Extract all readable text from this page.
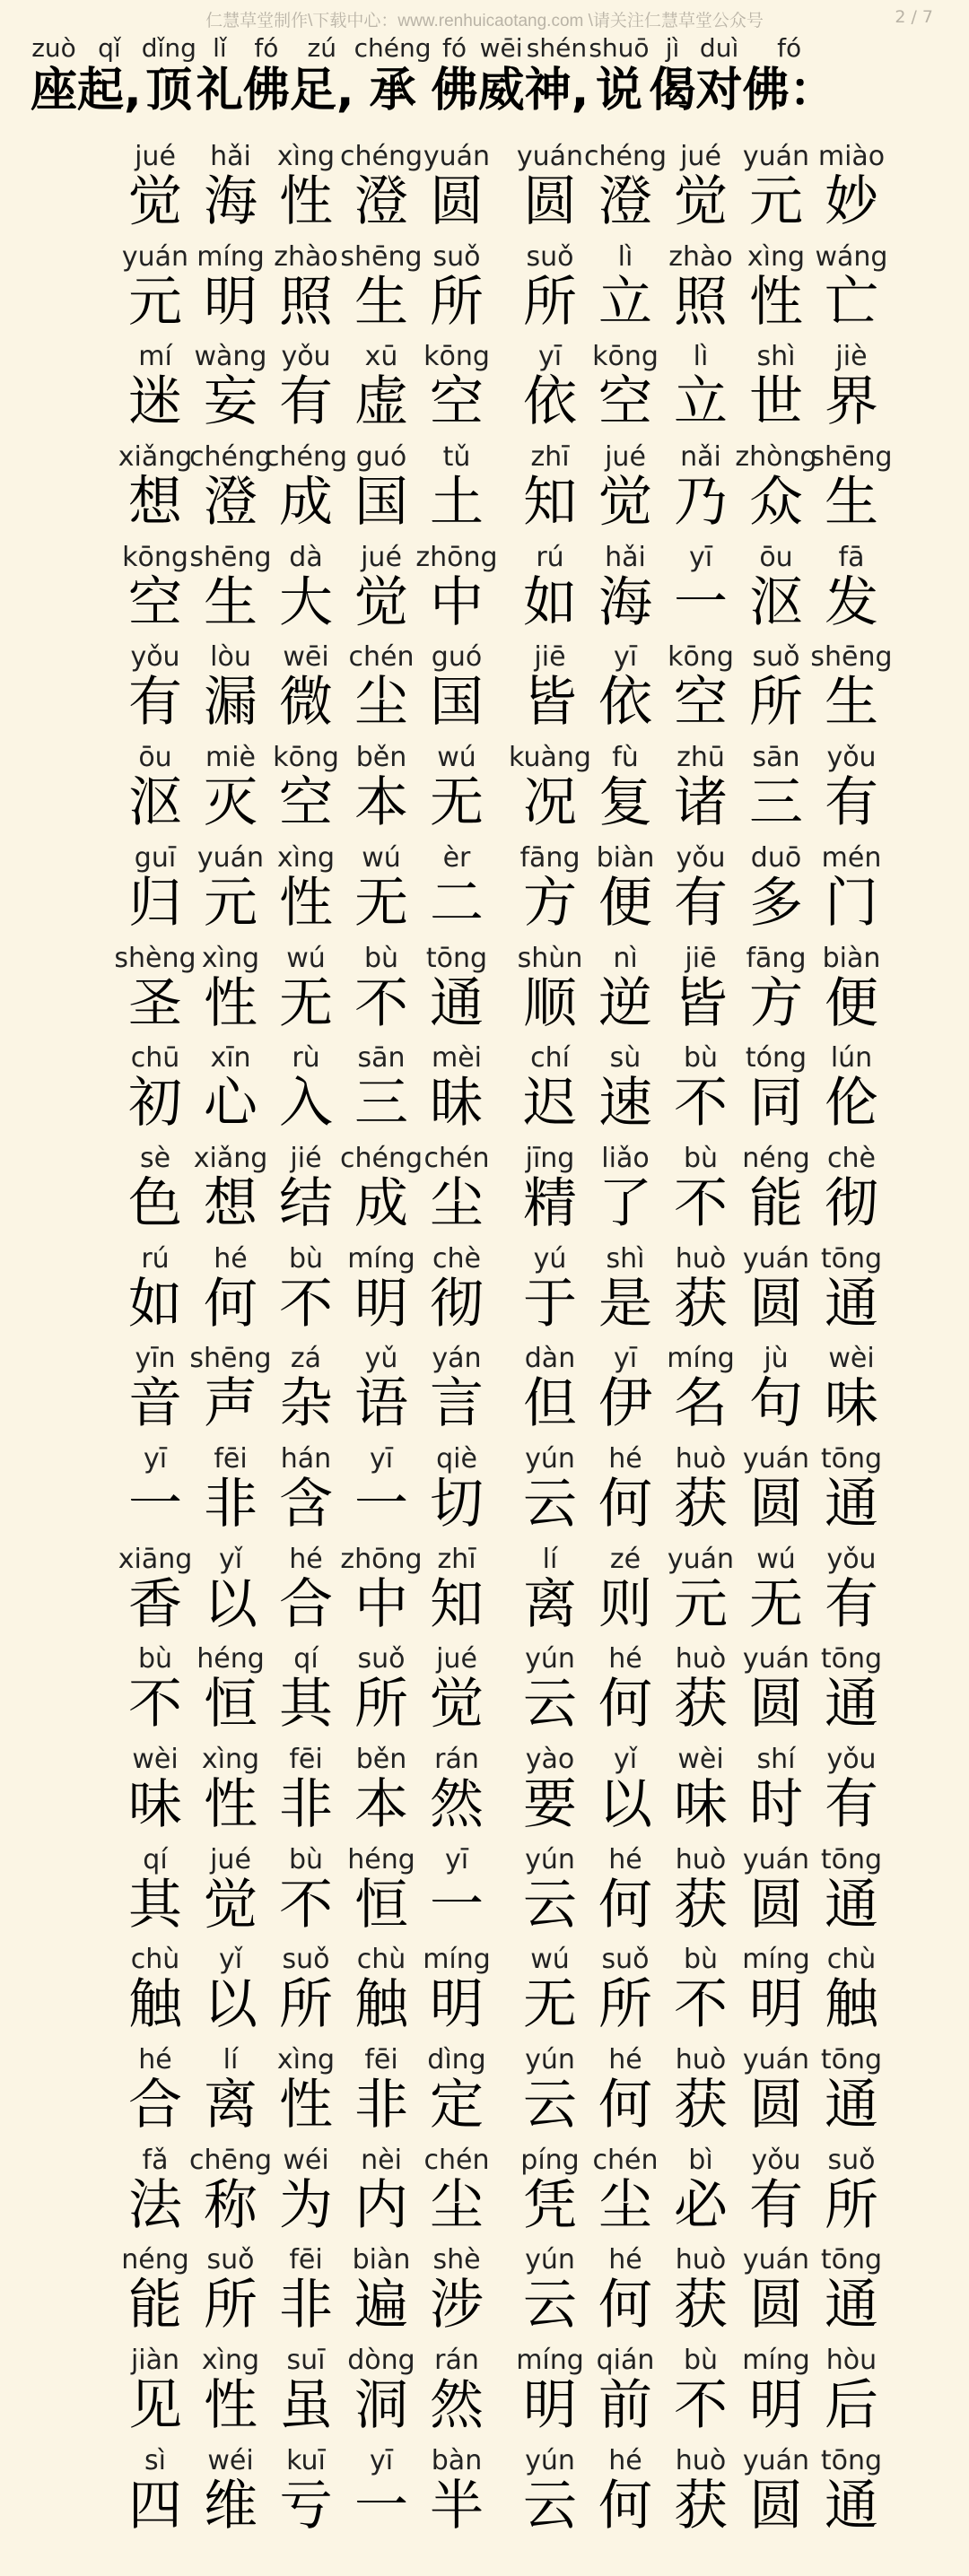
仁慧草堂制作\下载中心：www.renhuicaotang.com \请关注仁慧草堂公众号	2 / 7
zuò
座
qǐ
起,
dǐng
顶
lǐ
礼
fó
佛
zú
足,
chéng
承
fó
佛
wēi
威
shén
神,
shuō
说
jì
偈
duì
对
fó
佛：
jué
觉
hǎi
海
xìng
性
chéng
澄
yuán
圆
yuán
圆
chéng
澄
jué
觉
yuán
元
miào
妙
yuán
元
míng
明
zhào
照
shēng
生
suǒ
所
suǒ
所
lì
立
zhào
照
xìng
性
wáng
亡
mí
迷
wàng
妄
yǒu
有
xū
虚
kōng
空
yī
依
kōng
空
lì
立
shì
世
jiè
界
xiǎng
想
chéng
澄
chéng
成
guó
国
tǔ
土
zhī
知
jué
觉
nǎi
乃
zhòng
众
shēng
生
kōng
空
shēng
生
dà
大
jué
觉
zhōng
中
rú
如
hǎi
海
yī
一
ōu
沤
fā
发
yǒu
有
lòu
漏
wēi
微
chén
尘
guó
国
jiē
皆
yī
依
kōng
空
suǒ
所
shēng
生
ōu
沤
miè
灭
kōng
空
běn
本
wú
无
kuàng
况
fù
复
zhū
诸
sān
三
yǒu
有
guī
归
yuán
元
xìng
性
wú
无
èr
二
fāng
方
biàn
便
yǒu
有
duō
多
mén
门
shèng
圣
xìng
性
wú
无
bù
不
tōng
通
shùn
顺
nì
逆
jiē
皆
fāng
方
biàn
便
chū
初
xīn
心
rù
入
sān
三
mèi
昧
chí
迟
sù
速
bù
不
tóng
同
lún
伦
sè
色
xiǎng
想
jié
结
chéng
成
chén
尘
jīng
精
liǎo
了
bù
不
néng
能
chè
彻
rú
如
hé
何
bù
不
míng
明
chè
彻
yú
于
shì
是
huò
获
yuán
圆
tōng
通
yīn
音
shēng
声
zá
杂
yǔ
语
yán
言
dàn
但
yī
伊
míng
名
jù
句
wèi
味
yī
一
fēi
非
hán
含
yī
一
qiè
切
yún
云
hé
何
huò
获
yuán
圆
tōng
通
xiāng
香
yǐ
以
hé
合
zhōng
中
zhī
知
lí
离
zé
则
yuán
元
wú
无
yǒu
有
bù
不
héng
恒
qí
其
suǒ
所
jué
觉
yún
云
hé
何
huò
获
yuán
圆
tōng
通
wèi
味
xìng
性
fēi
非
běn
本
rán
然
yào
要
yǐ
以
wèi
味
shí
时
yǒu
有
qí
其
jué
觉
bù
不
héng
恒
yī
一
yún
云
hé
何
huò
获
yuán
圆
tōng
通
chù
触
yǐ
以
suǒ
所
chù
触
míng
明
wú
无
suǒ
所
bù
不
míng
明
chù
触
hé
合
lí
离
xìng
性
fēi
非
dìng
定
yún
云
hé
何
huò
获
yuán
圆
tōng
通
fǎ
法
chēng
称
wéi
为
nèi
内
chén
尘
píng
凭
chén
尘
bì
必
yǒu
有
suǒ
所
néng
能
suǒ
所
fēi
非
biàn
遍
shè
涉
yún
云
hé
何
huò
获
yuán
圆
tōng
通
jiàn
见
xìng
性
suī
虽
dòng
洞
rán
然
míng
明
qián
前
bù
不
míng
明
hòu
后
sì
四
wéi
维
kuī
亏
yī
一
bàn
半
yún
云
hé
何
huò
获
yuán
圆
tōng
通
